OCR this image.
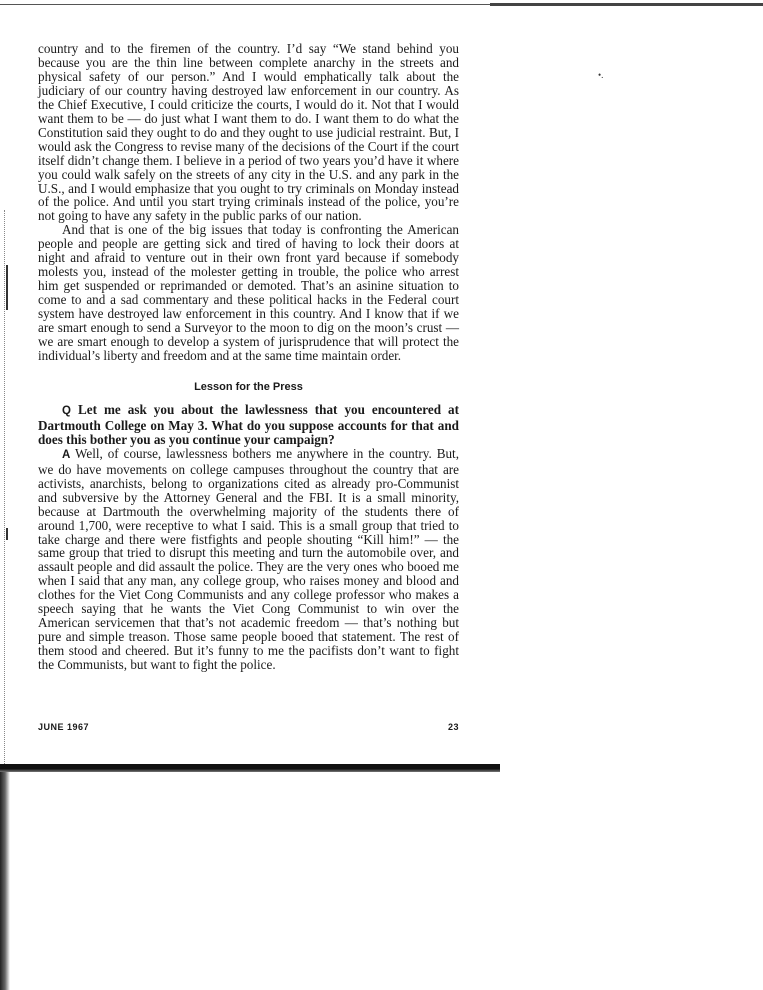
•.

country and to the firemen of the country. I’d say “We stand behind you because you are the thin line between complete anarchy in the streets and physical safety of our person.” And I would emphatically talk about the judiciary of our country having destroyed law enforcement in our country. As the Chief Executive, I could criticize the courts, I would do it. Not that I would want them to be — do just what I want them to do. I want them to do what the Constitution said they ought to do and they ought to use judicial restraint. But, I would ask the Congress to revise many of the decisions of the Court if the court itself didn’t change them. I believe in a period of two years you’d have it where you could walk safely on the streets of any city in the U.S. and any park in the U.S., and I would emphasize that you ought to try criminals on Monday instead of the police. And until you start trying criminals instead of the police, you’re not going to have any safety in the public parks of our nation.

And that is one of the big issues that today is confronting the American people and people are getting sick and tired of having to lock their doors at night and afraid to venture out in their own front yard because if somebody molests you, instead of the molester getting in trouble, the police who arrest him get suspended or reprimanded or demoted. That’s an asinine situation to come to and a sad commentary and these political hacks in the Federal court system have destroyed law enforcement in this country. And I know that if we are smart enough to send a Surveyor to the moon to dig on the moon’s crust — we are smart enough to develop a system of jurisprudence that will protect the individual’s liberty and freedom and at the same time maintain order.

Lesson for the Press

Q Let me ask you about the lawlessness that you encountered at Dartmouth College on May 3. What do you suppose accounts for that and does this bother you as you continue your campaign?

A Well, of course, lawlessness bothers me anywhere in the country. But, we do have movements on college campuses throughout the country that are activists, anarchists, belong to organizations cited as already pro-Communist and subversive by the Attorney General and the FBI. It is a small minority, because at Dartmouth the overwhelming majority of the students there of around 1,700, were receptive to what I said. This is a small group that tried to take charge and there were fistfights and people shouting “Kill him!” — the same group that tried to disrupt this meeting and turn the automobile over, and assault people and did assault the police. They are the very ones who booed me when I said that any man, any college group, who raises money and blood and clothes for the Viet Cong Communists and any college professor who makes a speech saying that he wants the Viet Cong Communist to win over the American servicemen that that’s not academic freedom — that’s nothing but pure and simple treason. Those same people booed that statement. The rest of them stood and cheered. But it’s funny to me the pacifists don’t want to fight the Communists, but want to fight the police.

JUNE 1967	23
